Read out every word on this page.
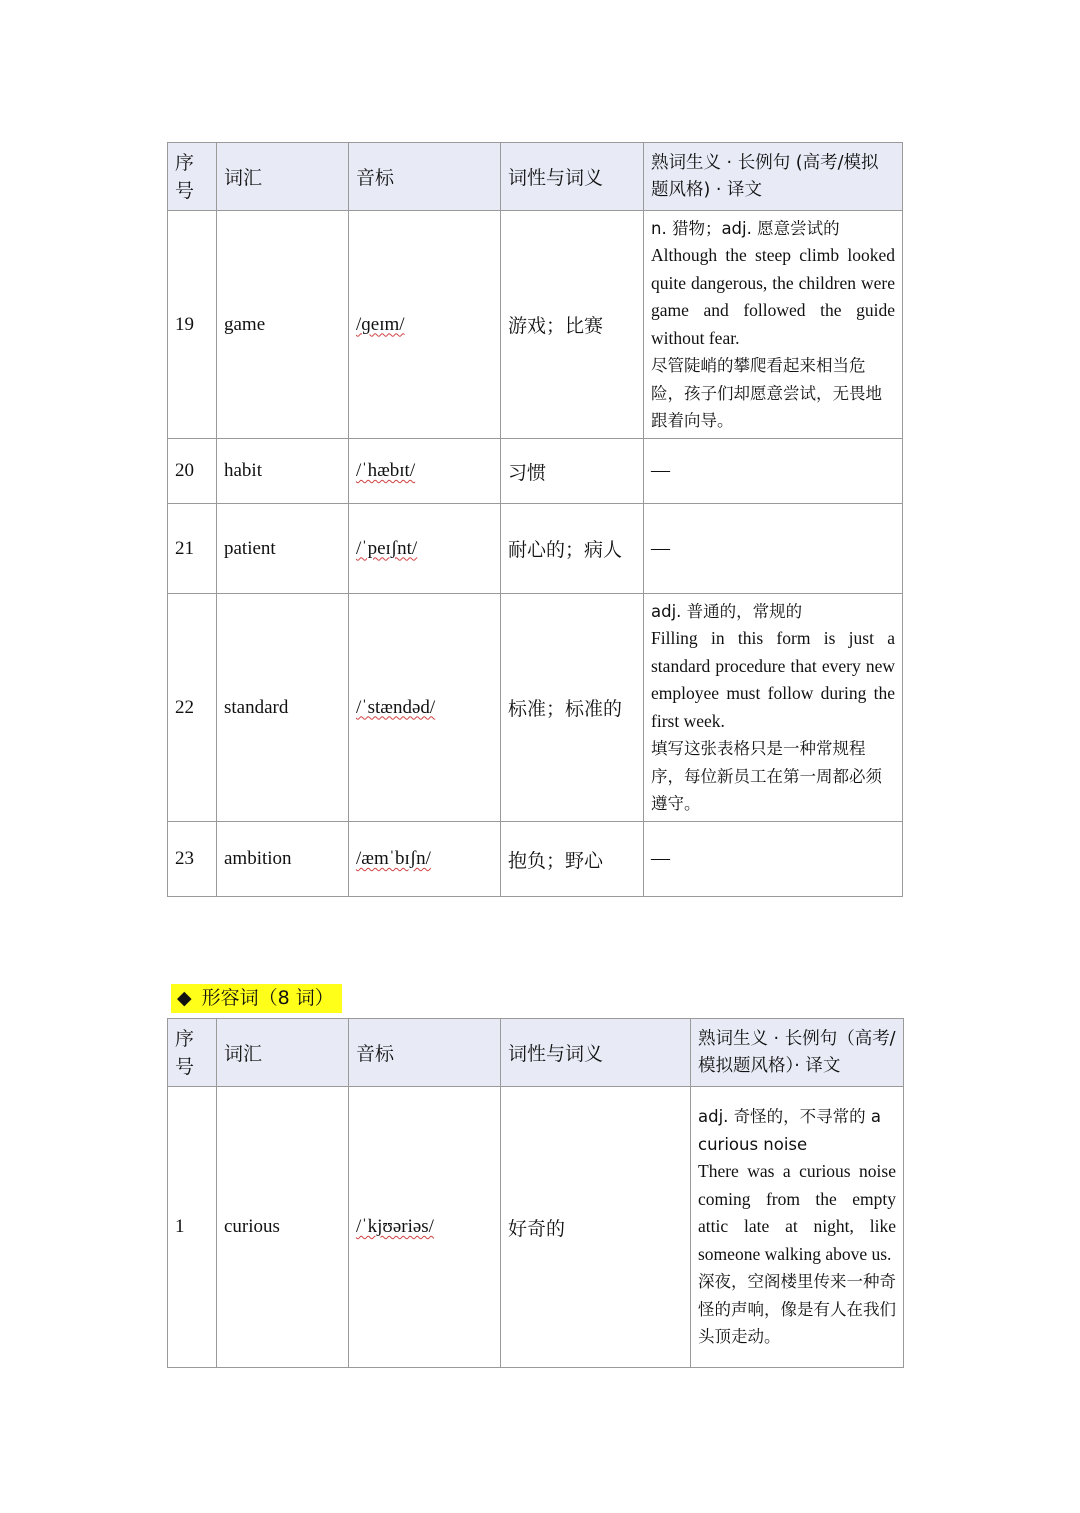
序号	词汇	音标	词性与词义	熟词生义 · 长例句 (高考/模拟题风格) · 译文
19	game	/ɡeɪm/	游戏；比赛	n. 猎物；adj. 愿意尝试的
Although the steep climb looked quite dangerous, the children were game and followed the guide without fear.
尽管陡峭的攀爬看起来相当危险，孩子们却愿意尝试，无畏地跟着向导。

20	habit	/ˈhæbɪt/	习惯	—
21	patient	/ˈpeɪʃnt/	耐心的；病人	—
22	standard	/ˈstændəd/	标准；标准的	adj. 普通的，常规的
Filling in this form is just a standard procedure that every new employee must follow during the first week.
填写这张表格只是一种常规程序，每位新员工在第一周都必须遵守。

23	ambition	/æmˈbɪʃn/	抱负；野心	—
◆ 形容词（8 词）
序号	词汇	音标	词性与词义	熟词生义 · 长例句（高考/模拟题风格）· 译文
1	curious	/ˈkjʊəriəs/	好奇的	adj. 奇怪的，不寻常的 a curious noise
There was a curious noise coming from the empty attic late at night, like someone walking above us.
深夜，空阁楼里传来一种奇怪的声响，像是有人在我们头顶走动。
